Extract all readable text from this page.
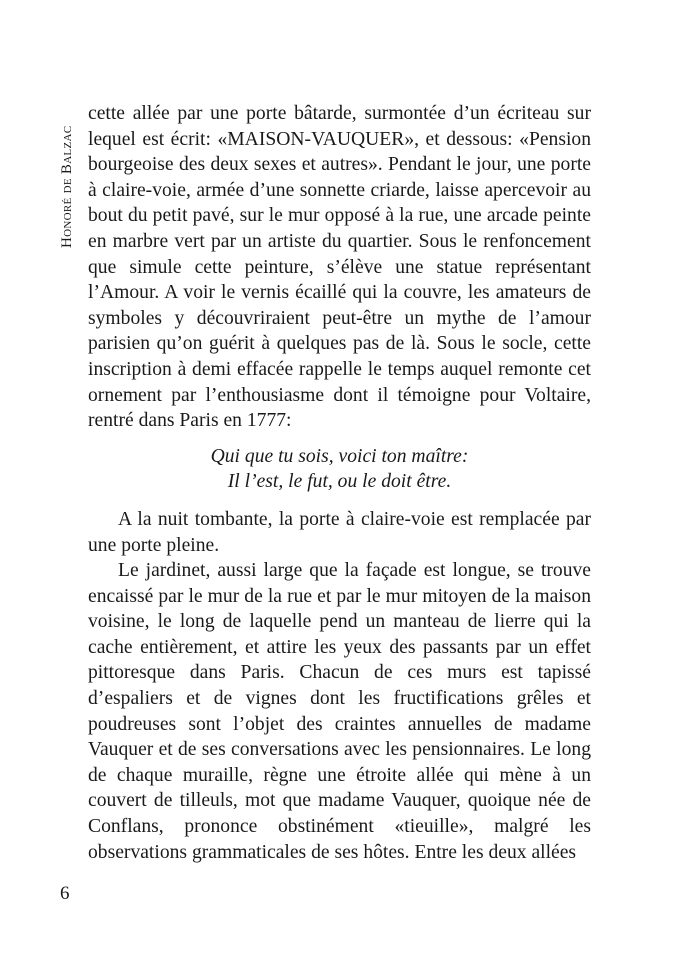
Honoré de Balzac

cette allée par une porte bâtarde, surmontée d’un écriteau sur lequel est écrit: «MAISON-VAUQUER», et dessous: «Pension bourgeoise des deux sexes et autres». Pendant le jour, une porte à claire-voie, armée d’une sonnette criarde, laisse apercevoir au bout du petit pavé, sur le mur opposé à la rue, une arcade peinte en marbre vert par un artiste du quartier. Sous le renfoncement que simule cette peinture, s’élève une statue représentant l’Amour. A voir le vernis écaillé qui la couvre, les amateurs de symboles y découvriraient peut-être un mythe de l’amour parisien qu’on guérit à quelques pas de là. Sous le socle, cette inscription à demi effacée rappelle le temps auquel remonte cet ornement par l’enthousiasme dont il témoigne pour Voltaire, rentré dans Paris en 1777:

Qui que tu sois, voici ton maître:
Il l’est, le fut, ou le doit être.

A la nuit tombante, la porte à claire-voie est remplacée par une porte pleine.

Le jardinet, aussi large que la façade est longue, se trouve encaissé par le mur de la rue et par le mur mitoyen de la maison voisine, le long de laquelle pend un manteau de lierre qui la cache entièrement, et attire les yeux des passants par un effet pittoresque dans Paris. Chacun de ces murs est tapissé d’espaliers et de vignes dont les fructifications grêles et poudreuses sont l’objet des craintes annuelles de madame Vauquer et de ses conversations avec les pensionnaires. Le long de chaque muraille, règne une étroite allée qui mène à un couvert de tilleuls, mot que madame Vauquer, quoique née de Conflans, prononce obstinément «tieuille», malgré les observations grammaticales de ses hôtes. Entre les deux allées

6
